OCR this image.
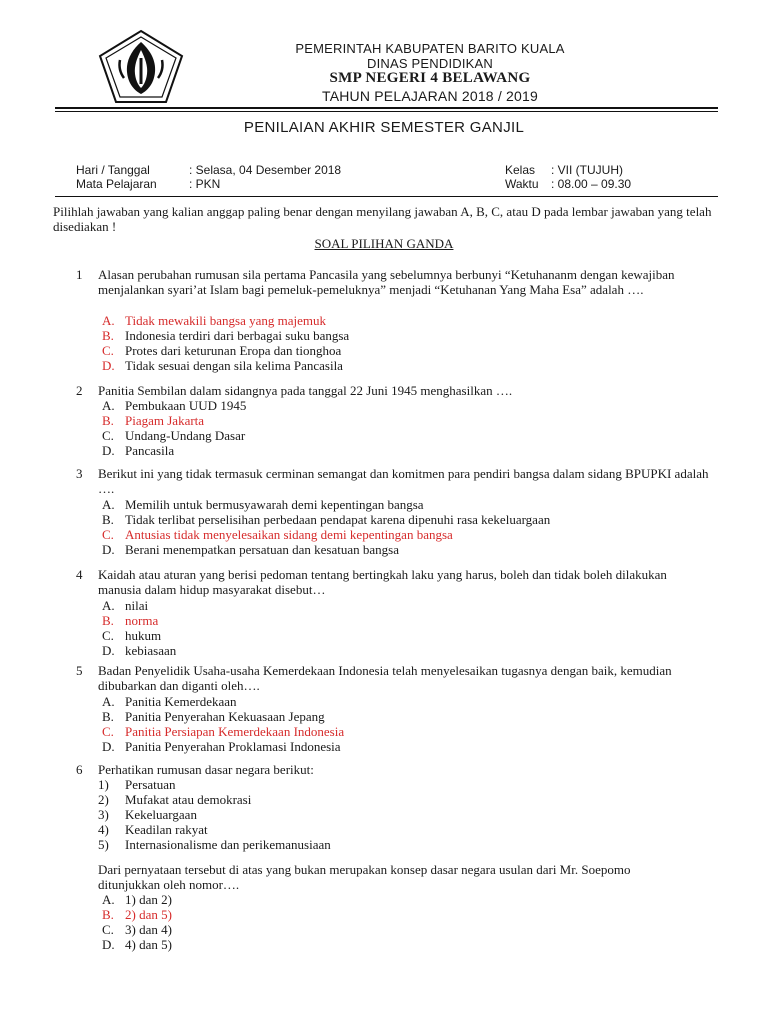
PEMERINTAH KABUPATEN BARITO KUALA
DINAS PENDIDIKAN
SMP NEGERI 4 BELAWANG
TAHUN PELAJARAN 2018 / 2019
PENILAIAN AKHIR SEMESTER GANJIL
Hari / Tanggal	: Selasa, 04 Desember 2018
Mata Pelajaran	: PKN
Kelas : VII (TUJUH)
Waktu : 08.00 – 09.30
Pilihlah jawaban yang kalian anggap paling benar dengan menyilang jawaban A, B, C, atau D pada lembar jawaban yang telah disediakan !
SOAL PILIHAN GANDA
1 Alasan perubahan rumusan sila pertama Pancasila yang sebelumnya berbunyi “Ketuhananm dengan kewajiban menjalankan syari’at Islam bagi pemeluk-pemeluknya” menjadi “Ketuhanan Yang Maha Esa” adalah ….
A. Tidak mewakili bangsa yang majemuk
B. Indonesia terdiri dari berbagai suku bangsa
C. Protes dari keturunan Eropa dan tionghoa
D. Tidak sesuai dengan sila kelima Pancasila
2 Panitia Sembilan dalam sidangnya pada tanggal 22 Juni 1945 menghasilkan ….
A. Pembukaan UUD 1945
B. Piagam Jakarta
C. Undang-Undang Dasar
D. Pancasila
3 Berikut ini yang tidak termasuk cerminan semangat dan komitmen para pendiri bangsa dalam sidang BPUPKI adalah ….
A. Memilih untuk bermusyawarah demi kepentingan bangsa
B. Tidak terlibat perselisihan perbedaan pendapat karena dipenuhi rasa kekeluargaan
C. Antusias tidak menyelesaikan sidang demi kepentingan bangsa
D. Berani menempatkan persatuan dan kesatuan bangsa
4 Kaidah atau aturan yang berisi pedoman tentang bertingkah laku yang harus, boleh dan tidak boleh dilakukan manusia dalam hidup masyarakat disebut…
A. nilai
B. norma
C. hukum
D. kebiasaan
5 Badan Penyelidik Usaha-usaha Kemerdekaan Indonesia telah menyelesaikan tugasnya dengan baik, kemudian dibubarkan dan diganti oleh….
A. Panitia Kemerdekaan
B. Panitia Penyerahan Kekuasaan Jepang
C. Panitia Persiapan Kemerdekaan Indonesia
D. Panitia Penyerahan Proklamasi Indonesia
6 Perhatikan rumusan dasar negara berikut:
1) Persatuan
2) Mufakat atau demokrasi
3) Kekeluargaan
4) Keadilan rakyat
5) Internasionalisme dan perikemanusiaan
Dari pernyataan tersebut di atas yang bukan merupakan konsep dasar negara usulan dari Mr. Soepomo ditunjukkan oleh nomor….
A. 1) dan 2)
B. 2) dan 5)
C. 3) dan 4)
D. 4) dan 5)
